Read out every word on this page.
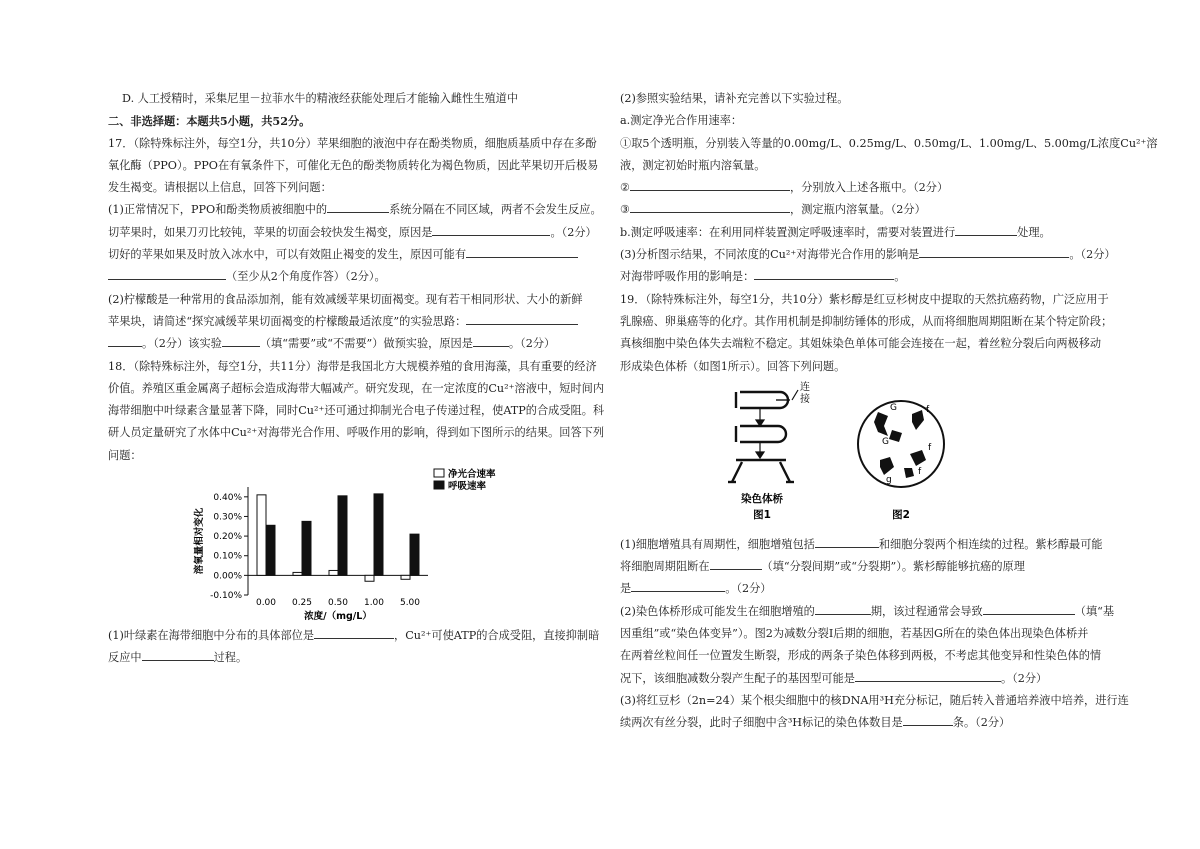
D. 人工授精时，采集尼里－拉菲水牛的精液经获能处理后才能输入雌性生殖道中
二、非选择题：本题共5小题，共52分。
17．（除特殊标注外，每空1分，共10分）苹果细胞的液泡中存在酚类物质，细胞质基质中存在多酚
氧化酶（PPO）。PPO在有氧条件下，可催化无色的酚类物质转化为褐色物质，因此苹果切开后极易
发生褐变。请根据以上信息，回答下列问题：
(1)正常情况下，PPO和酚类物质被细胞中的	系统分隔在不同区域，两者不会发生反应。
切苹果时，如果刀刃比较钝，苹果的切面会较快发生褐变，原因是	。（2分）
切好的苹果如果及时放入冰水中，可以有效阻止褐变的发生，原因可能有
（至少从2个角度作答）（2分）。
(2)柠檬酸是一种常用的食品添加剂，能有效减缓苹果切面褐变。现有若干相同形状、大小的新鲜
苹果块，请简述“探究减缓苹果切面褐变的柠檬酸最适浓度”的实验思路：
。（2分）该实验	（填“需要”或“不需要”）做预实验，原因是	。（2分）
18．（除特殊标注外，每空1分，共11分）海带是我国北方大规模养殖的食用海藻，具有重要的经济
价值。养殖区重金属离子超标会造成海带大幅减产。研究发现，在一定浓度的Cu²⁺溶液中，短时间内
海带细胞中叶绿素含量显著下降，同时Cu²⁺还可通过抑制光合电子传递过程，使ATP的合成受阻。科
研人员定量研究了水体中Cu²⁺对海带光合作用、呼吸作用的影响，得到如下图所示的结果。回答下列
问题：
0.40%
0.30%
0.20%
0.10%
0.00%
-0.10%
溶氧量相对变化
0.00 0.25 0.50 1.00 5.00
浓度/（mg/L）
净光合速率
呼吸速率
(1)叶绿素在海带细胞中分布的具体部位是	，Cu²⁺可使ATP的合成受阻，直接抑制暗
反应中	过程。
(2)参照实验结果，请补充完善以下实验过程。
a.测定净光合作用速率：
①取5个透明瓶，分别装入等量的0.00mg/L、0.25mg/L、0.50mg/L、1.00mg/L、5.00mg/L浓度Cu²⁺溶
液，测定初始时瓶内溶氧量。
②	，分别放入上述各瓶中。（2分）
③	，测定瓶内溶氧量。（2分）
b.测定呼吸速率：在利用同样装置测定呼吸速率时，需要对装置进行	处理。
(3)分析图示结果，不同浓度的Cu²⁺对海带光合作用的影响是	。（2分）
对海带呼吸作用的影响是：	。
19．（除特殊标注外，每空1分，共10分）紫杉醇是红豆杉树皮中提取的天然抗癌药物，广泛应用于
乳腺癌、卵巢癌等的化疗。其作用机制是抑制纺锤体的形成，从而将细胞周期阻断在某个特定阶段；
真核细胞中染色体失去端粒不稳定。其姐妹染色单体可能会连接在一起，着丝粒分裂后向两极移动
形成染色体桥（如图1所示）。回答下列问题。
连
接
染色体桥
图1
G
G
f
f
g
f
图2
(1)细胞增殖具有周期性，细胞增殖包括	和细胞分裂两个相连续的过程。紫杉醇最可能
将细胞周期阻断在	（填“分裂间期”或“分裂期”）。紫杉醇能够抗癌的原理
是	。（2分）
(2)染色体桥形成可能发生在细胞增殖的	期，该过程通常会导致	（填“基
因重组”或“染色体变异”）。图2为减数分裂Ⅰ后期的细胞，若基因G所在的染色体出现染色体桥并
在两着丝粒间任一位置发生断裂，形成的两条子染色体移到两极，不考虑其他变异和性染色体的情
况下，该细胞减数分裂产生配子的基因型可能是	。（2分）
(3)将红豆杉（2n=24）某个根尖细胞中的核DNA用³H充分标记，随后转入普通培养液中培养，进行连
续两次有丝分裂，此时子细胞中含³H标记的染色体数目是	条。（2分）
